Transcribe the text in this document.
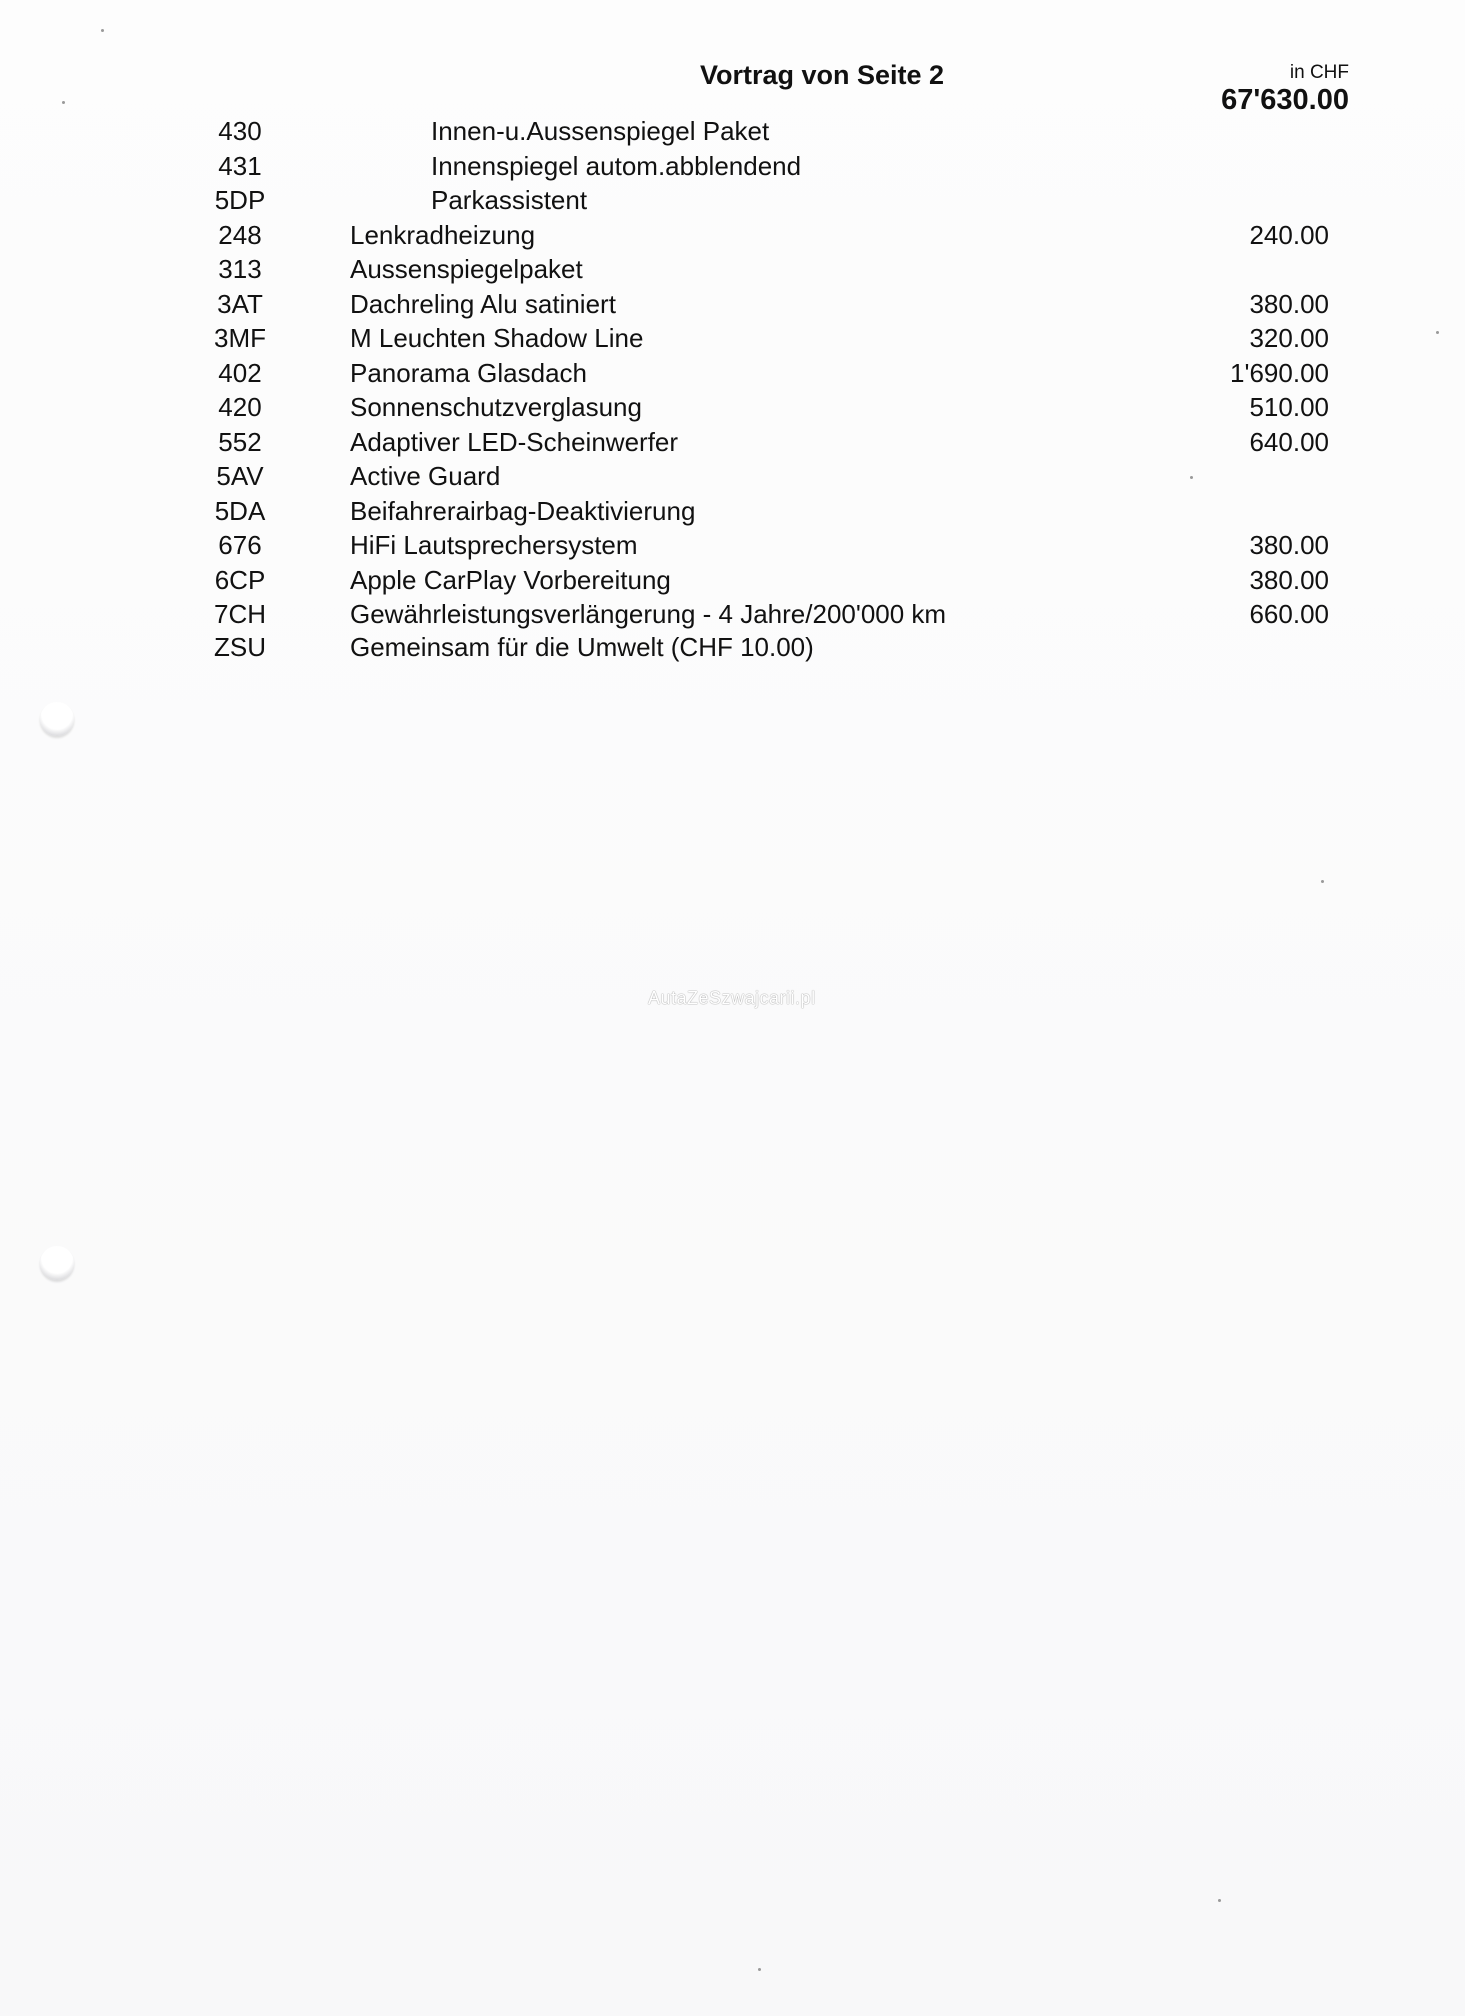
Vortrag von Seite 2	in CHF
67'630.00
430	Innen-u.Aussenspiegel Paket
431	Innenspiegel autom.abblendend
5DP	Parkassistent
248	Lenkradheizung	240.00
313	Aussenspiegelpaket
3AT	Dachreling Alu satiniert	380.00
3MF	M Leuchten Shadow Line	320.00
402	Panorama Glasdach	1'690.00
420	Sonnenschutzverglasung	510.00
552	Adaptiver LED-Scheinwerfer	640.00
5AV	Active Guard
5DA	Beifahrerairbag-Deaktivierung
676	HiFi Lautsprechersystem	380.00
6CP	Apple CarPlay Vorbereitung	380.00
7CH	Gewährleistungsverlängerung - 4 Jahre/200'000 km	660.00
ZSU	Gemeinsam für die Umwelt (CHF 10.00)
AutaZeSzwajcarii.pl
